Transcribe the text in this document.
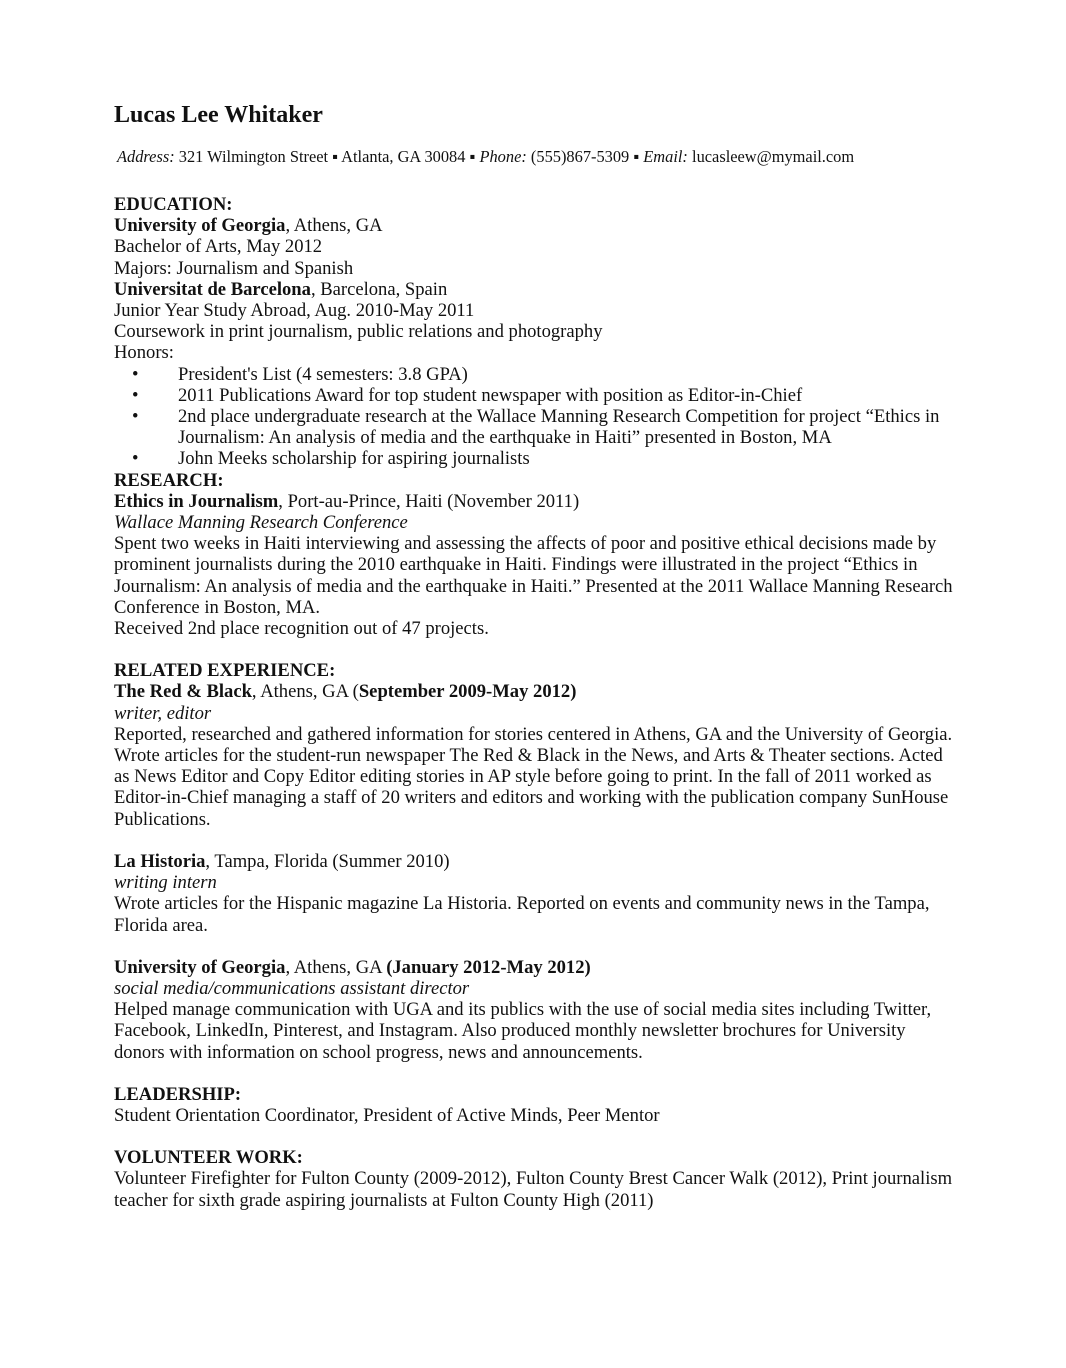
Lucas Lee Whitaker
Address: 321 Wilmington Street ▪ Atlanta, GA 30084 ▪ Phone: (555)867-5309 ▪ Email: lucasleew@mymail.com
EDUCATION:
University of Georgia, Athens, GA
Bachelor of Arts, May 2012
Majors: Journalism and Spanish
Universitat de Barcelona, Barcelona, Spain
Junior Year Study Abroad, Aug. 2010-May 2011
Coursework in print journalism, public relations and photography
Honors:
• President's List (4 semesters: 3.8 GPA)
• 2011 Publications Award for top student newspaper with position as Editor-in-Chief
• 2nd place undergraduate research at the Wallace Manning Research Competition for project “Ethics in Journalism: An analysis of media and the earthquake in Haiti” presented in Boston, MA
• John Meeks scholarship for aspiring journalists
RESEARCH:
Ethics in Journalism, Port-au-Prince, Haiti (November 2011)
Wallace Manning Research Conference
Spent two weeks in Haiti interviewing and assessing the affects of poor and positive ethical decisions made by prominent journalists during the 2010 earthquake in Haiti. Findings were illustrated in the project “Ethics in Journalism: An analysis of media and the earthquake in Haiti.” Presented at the 2011 Wallace Manning Research Conference in Boston, MA.
Received 2nd place recognition out of 47 projects.
RELATED EXPERIENCE:
The Red & Black, Athens, GA (September 2009-May 2012)
writer, editor
Reported, researched and gathered information for stories centered in Athens, GA and the University of Georgia. Wrote articles for the student-run newspaper The Red & Black in the News, and Arts & Theater sections. Acted as News Editor and Copy Editor editing stories in AP style before going to print. In the fall of 2011 worked as Editor-in-Chief managing a staff of 20 writers and editors and working with the publication company SunHouse Publications.
La Historia, Tampa, Florida (Summer 2010)
writing intern
Wrote articles for the Hispanic magazine La Historia. Reported on events and community news in the Tampa, Florida area.
University of Georgia, Athens, GA (January 2012-May 2012)
social media/communications assistant director
Helped manage communication with UGA and its publics with the use of social media sites including Twitter, Facebook, LinkedIn, Pinterest, and Instagram. Also produced monthly newsletter brochures for University donors with information on school progress, news and announcements.
LEADERSHIP:
Student Orientation Coordinator, President of Active Minds, Peer Mentor
VOLUNTEER WORK:
Volunteer Firefighter for Fulton County (2009-2012), Fulton County Brest Cancer Walk (2012), Print journalism teacher for sixth grade aspiring journalists at Fulton County High (2011)
